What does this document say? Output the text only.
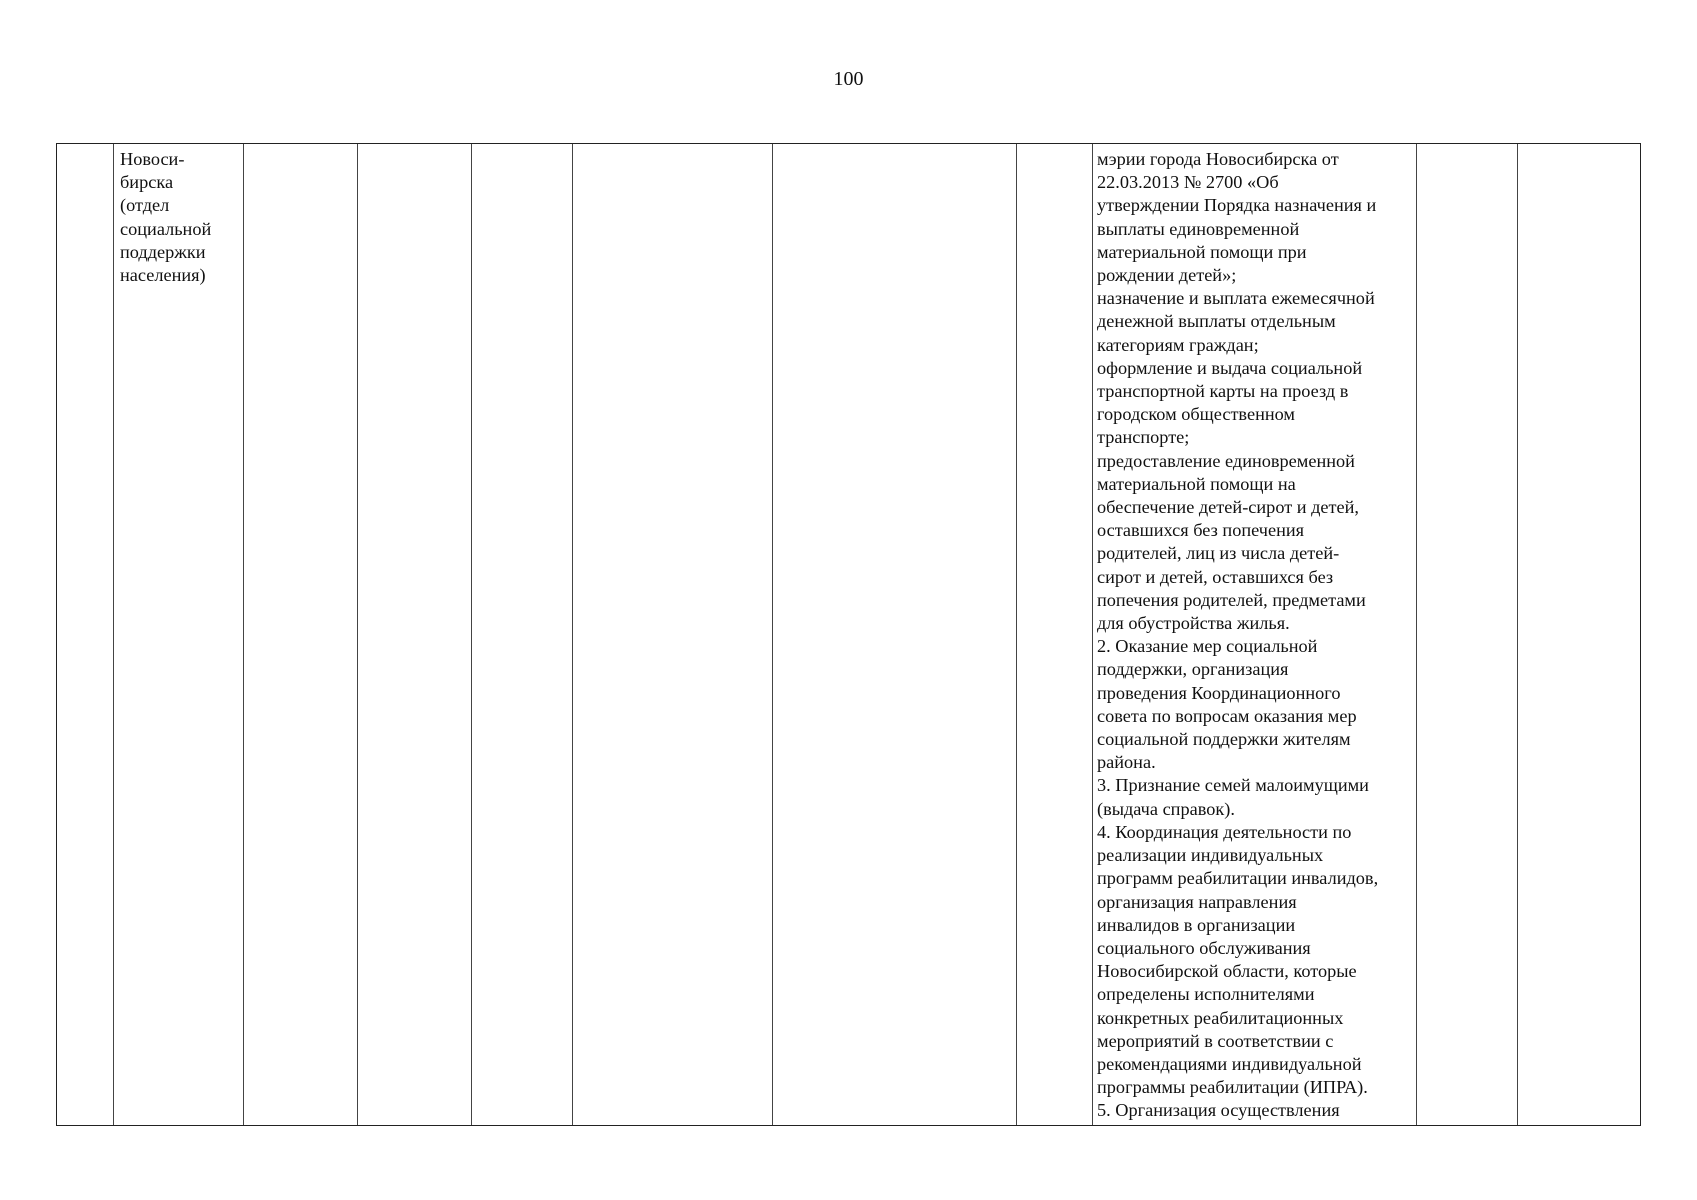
100
Новоси-
бирска
(отдел
социальной
поддержки
населения)
мэрии города Новосибирска от
22.03.2013 № 2700 «Об
утверждении Порядка назначения и
выплаты единовременной
материальной помощи при
рождении детей»;
назначение и выплата ежемесячной
денежной выплаты отдельным
категориям граждан;
оформление и выдача социальной
транспортной карты на проезд в
городском общественном
транспорте;
предоставление единовременной
материальной помощи на
обеспечение детей-сирот и детей,
оставшихся без попечения
родителей, лиц из числа детей-
сирот и детей, оставшихся без
попечения родителей, предметами
для обустройства жилья.
2. Оказание мер социальной
поддержки, организация
проведения Координационного
совета по вопросам оказания мер
социальной поддержки жителям
района.
3. Признание семей малоимущими
(выдача справок).
4. Координация деятельности по
реализации индивидуальных
программ реабилитации инвалидов,
организация направления
инвалидов в организации
социального обслуживания
Новосибирской области, которые
определены исполнителями
конкретных реабилитационных
мероприятий в соответствии с
рекомендациями индивидуальной
программы реабилитации (ИПРА).
5. Организация осуществления
